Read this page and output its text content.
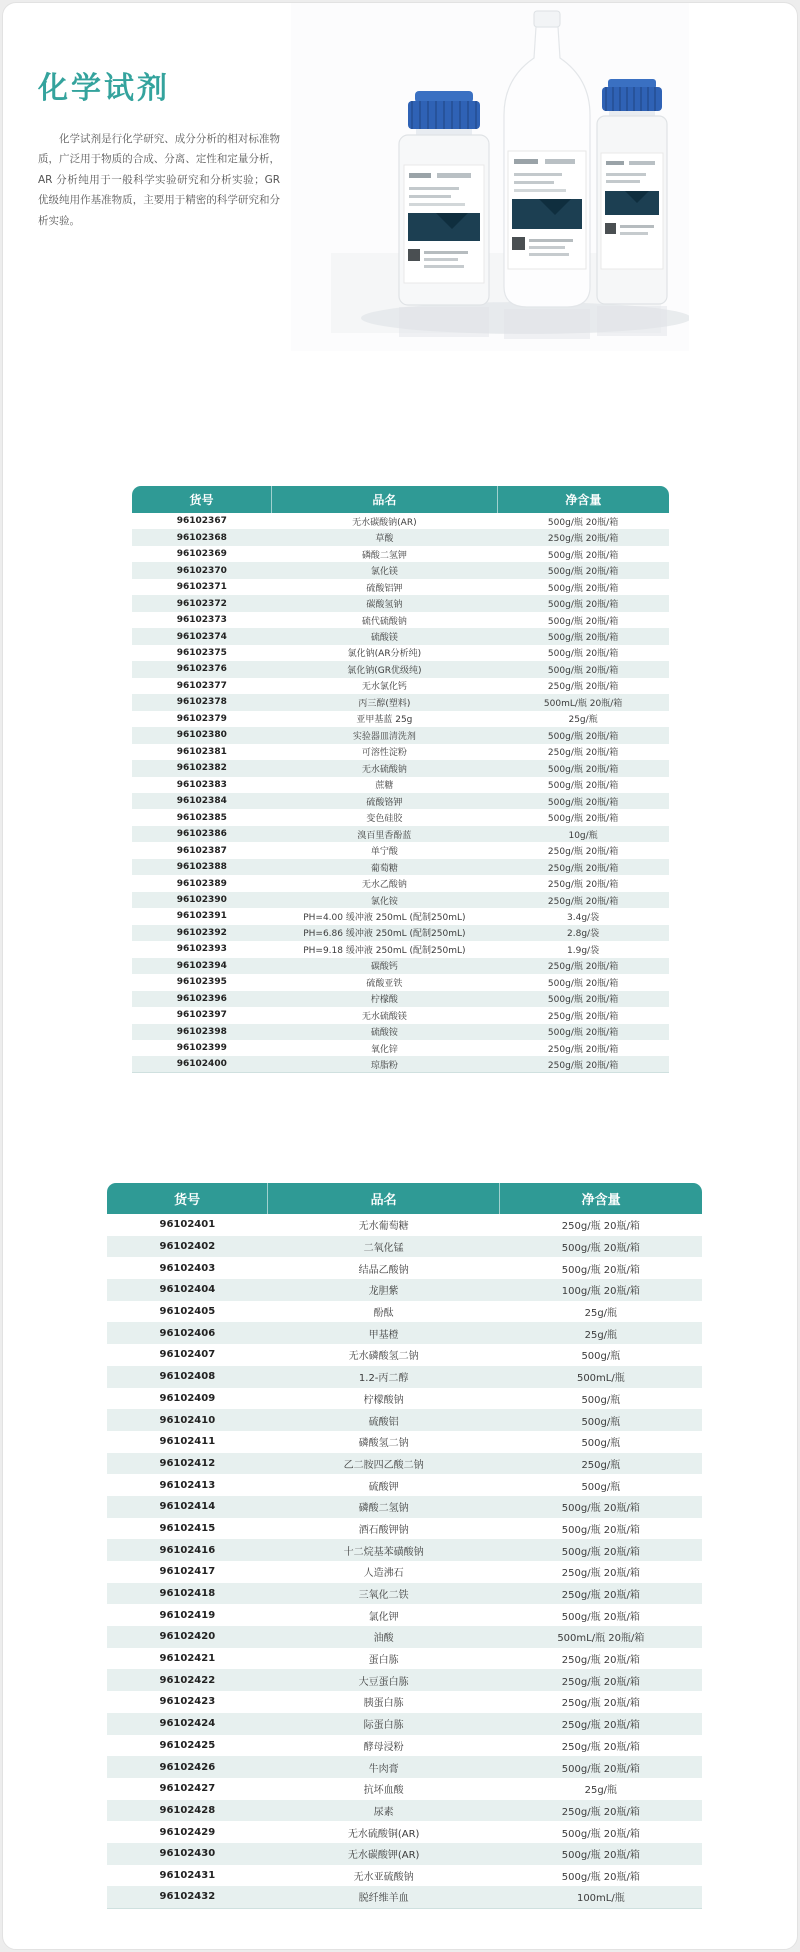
化学试剂

化学试剂是行化学研究、成分分析的相对标准物质，广泛用于物质的合成、分离、定性和定量分析，AR 分析纯用于一般科学实验研究和分析实验；GR 优级纯用作基准物质，主要用于精密的科学研究和分析实验。

货号	品名	净含量
96102367	无水碳酸钠(AR)	500g/瓶 20瓶/箱
96102368	草酸	250g/瓶 20瓶/箱
96102369	磷酸二氢钾	500g/瓶 20瓶/箱
96102370	氯化镁	500g/瓶 20瓶/箱
96102371	硫酸铝钾	500g/瓶 20瓶/箱
96102372	碳酸氢钠	500g/瓶 20瓶/箱
96102373	硫代硫酸钠	500g/瓶 20瓶/箱
96102374	硫酸镁	500g/瓶 20瓶/箱
96102375	氯化钠(AR分析纯)	500g/瓶 20瓶/箱
96102376	氯化钠(GR优级纯)	500g/瓶 20瓶/箱
96102377	无水氯化钙	250g/瓶 20瓶/箱
96102378	丙三醇(塑料)	500mL/瓶 20瓶/箱
96102379	亚甲基蓝 25g	25g/瓶
96102380	实验器皿清洗剂	500g/瓶 20瓶/箱
96102381	可溶性淀粉	250g/瓶 20瓶/箱
96102382	无水硫酸钠	500g/瓶 20瓶/箱
96102383	蔗糖	500g/瓶 20瓶/箱
96102384	硫酸铬钾	500g/瓶 20瓶/箱
96102385	变色硅胶	500g/瓶 20瓶/箱
96102386	溴百里香酚蓝	10g/瓶
96102387	单宁酸	250g/瓶 20瓶/箱
96102388	葡萄糖	250g/瓶 20瓶/箱
96102389	无水乙酸钠	250g/瓶 20瓶/箱
96102390	氯化铵	250g/瓶 20瓶/箱
96102391	PH=4.00 缓冲液 250mL (配制250mL)	3.4g/袋
96102392	PH=6.86 缓冲液 250mL (配制250mL)	2.8g/袋
96102393	PH=9.18 缓冲液 250mL (配制250mL)	1.9g/袋
96102394	碳酸钙	250g/瓶 20瓶/箱
96102395	硫酸亚铁	500g/瓶 20瓶/箱
96102396	柠檬酸	500g/瓶 20瓶/箱
96102397	无水硫酸镁	250g/瓶 20瓶/箱
96102398	硫酸铵	500g/瓶 20瓶/箱
96102399	氧化锌	250g/瓶 20瓶/箱
96102400	琼脂粉	250g/瓶 20瓶/箱
货号	品名	净含量
96102401	无水葡萄糖	250g/瓶 20瓶/箱
96102402	二氧化锰	500g/瓶 20瓶/箱
96102403	结晶乙酸钠	500g/瓶 20瓶/箱
96102404	龙胆紫	100g/瓶 20瓶/箱
96102405	酚酞	25g/瓶
96102406	甲基橙	25g/瓶
96102407	无水磷酸氢二钠	500g/瓶
96102408	1.2-丙二醇	500mL/瓶
96102409	柠檬酸钠	500g/瓶
96102410	硫酸铝	500g/瓶
96102411	磷酸氢二钠	500g/瓶
96102412	乙二胺四乙酸二钠	250g/瓶
96102413	硫酸钾	500g/瓶
96102414	磷酸二氢钠	500g/瓶 20瓶/箱
96102415	酒石酸钾钠	500g/瓶 20瓶/箱
96102416	十二烷基苯磺酸钠	500g/瓶 20瓶/箱
96102417	人造沸石	250g/瓶 20瓶/箱
96102418	三氧化二铁	250g/瓶 20瓶/箱
96102419	氯化钾	500g/瓶 20瓶/箱
96102420	油酸	500mL/瓶 20瓶/箱
96102421	蛋白胨	250g/瓶 20瓶/箱
96102422	大豆蛋白胨	250g/瓶 20瓶/箱
96102423	胰蛋白胨	250g/瓶 20瓶/箱
96102424	际蛋白胨	250g/瓶 20瓶/箱
96102425	酵母浸粉	250g/瓶 20瓶/箱
96102426	牛肉膏	500g/瓶 20瓶/箱
96102427	抗坏血酸	25g/瓶
96102428	尿素	250g/瓶 20瓶/箱
96102429	无水硫酸铜(AR)	500g/瓶 20瓶/箱
96102430	无水碳酸钾(AR)	500g/瓶 20瓶/箱
96102431	无水亚硫酸钠	500g/瓶 20瓶/箱
96102432	脱纤维羊血	100mL/瓶
